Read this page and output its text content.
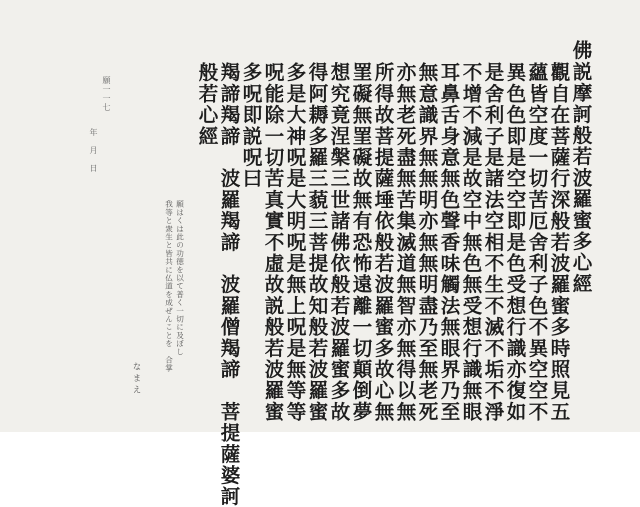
佛説摩訶般若波羅蜜多心經

觀自在菩薩行深般若波羅蜜多時照見五

蘊皆空度一切苦厄舍利子色不異空空不

異色色即是空空即是色受想行識亦復如

是舍利子是諸法空相不生不滅不垢不淨

不增不減是故空中無色無受想行識無眼

耳鼻舌身意無色聲香味觸法無眼界乃至

無意識界無無明亦無無明盡乃至無老死

亦無老死盡無苦集滅道無智亦無得以無

所得故菩提薩埵依般若波羅蜜多故心無

罣礙無罣礙故無有恐怖遠離一切顛倒夢

想究竟涅槃三世諸佛依般若波羅蜜多故

得阿耨多羅三藐三菩提故知般若波羅蜜

多是大神呪是大明呪是無上呪是無等等

呪能除一切苦真實不虛故説般若波羅蜜

多呪即説呪曰

羯諦羯諦　波羅羯諦　波羅僧羯諦　菩提薩婆訶

般若心經

願はくは此の功徳を以て普く一切に及ぼし

我等と衆生と皆共に仏道を成ぜんことを　合掌

なまえ

願一一七

年　月　日
